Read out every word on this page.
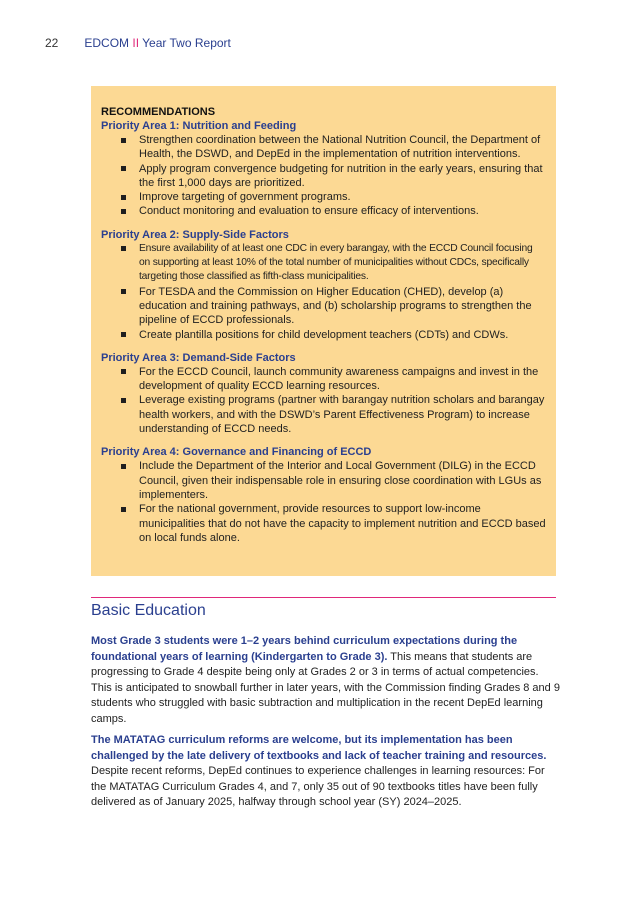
22 EDCOM II Year Two Report
RECOMMENDATIONS
Priority Area 1: Nutrition and Feeding
Strengthen coordination between the National Nutrition Council, the Department of Health, the DSWD, and DepEd in the implementation of nutrition interventions.
Apply program convergence budgeting for nutrition in the early years, ensuring that the first 1,000 days are prioritized.
Improve targeting of government programs.
Conduct monitoring and evaluation to ensure efficacy of interventions.
Priority Area 2: Supply-Side Factors
Ensure availability of at least one CDC in every barangay, with the ECCD Council focusing on supporting at least 10% of the total number of municipalities without CDCs, specifically targeting those classified as fifth-class municipalities.
For TESDA and the Commission on Higher Education (CHED), develop (a) education and training pathways, and (b) scholarship programs to strengthen the pipeline of ECCD professionals.
Create plantilla positions for child development teachers (CDTs) and CDWs.
Priority Area 3: Demand-Side Factors
For the ECCD Council, launch community awareness campaigns and invest in the development of quality ECCD learning resources.
Leverage existing programs (partner with barangay nutrition scholars and barangay health workers, and with the DSWD’s Parent Effectiveness Program) to increase understanding of ECCD needs.
Priority Area 4: Governance and Financing of ECCD
Include the Department of the Interior and Local Government (DILG) in the ECCD Council, given their indispensable role in ensuring close coordination with LGUs as implementers.
For the national government, provide resources to support low-income municipalities that do not have the capacity to implement nutrition and ECCD based on local funds alone.
Basic Education
Most Grade 3 students were 1–2 years behind curriculum expectations during the foundational years of learning (Kindergarten to Grade 3). This means that students are progressing to Grade 4 despite being only at Grades 2 or 3 in terms of actual competencies. This is anticipated to snowball further in later years, with the Commission finding Grades 8 and 9 students who struggled with basic subtraction and multiplication in the recent DepEd learning camps.
The MATATAG curriculum reforms are welcome, but its implementation has been challenged by the late delivery of textbooks and lack of teacher training and resources. Despite recent reforms, DepEd continues to experience challenges in learning resources: For the MATATAG Curriculum Grades 4, and 7, only 35 out of 90 textbooks titles have been fully delivered as of January 2025, halfway through school year (SY) 2024–2025.
